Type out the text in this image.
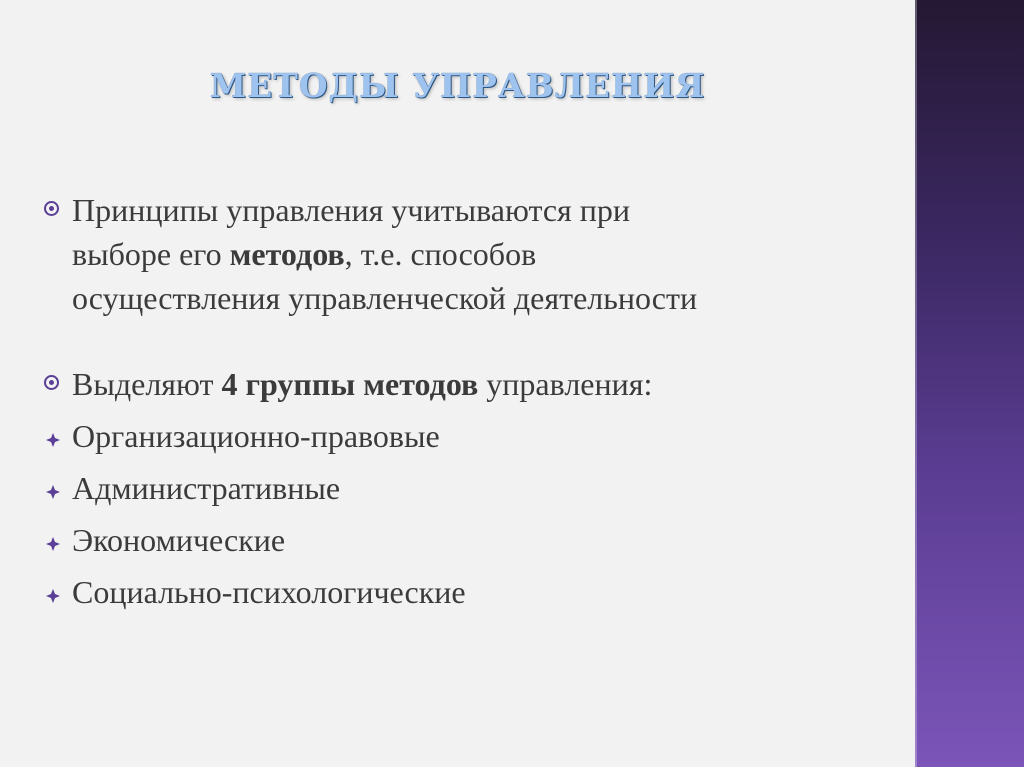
МЕТОДЫ УПРАВЛЕНИЯ
Принципы управления учитываются при
выборе его методов, т.е. способов
осуществления управленческой деятельности
Выделяют 4 группы методов управления:
Организационно-правовые
Административные
Экономические
Социально-психологические
